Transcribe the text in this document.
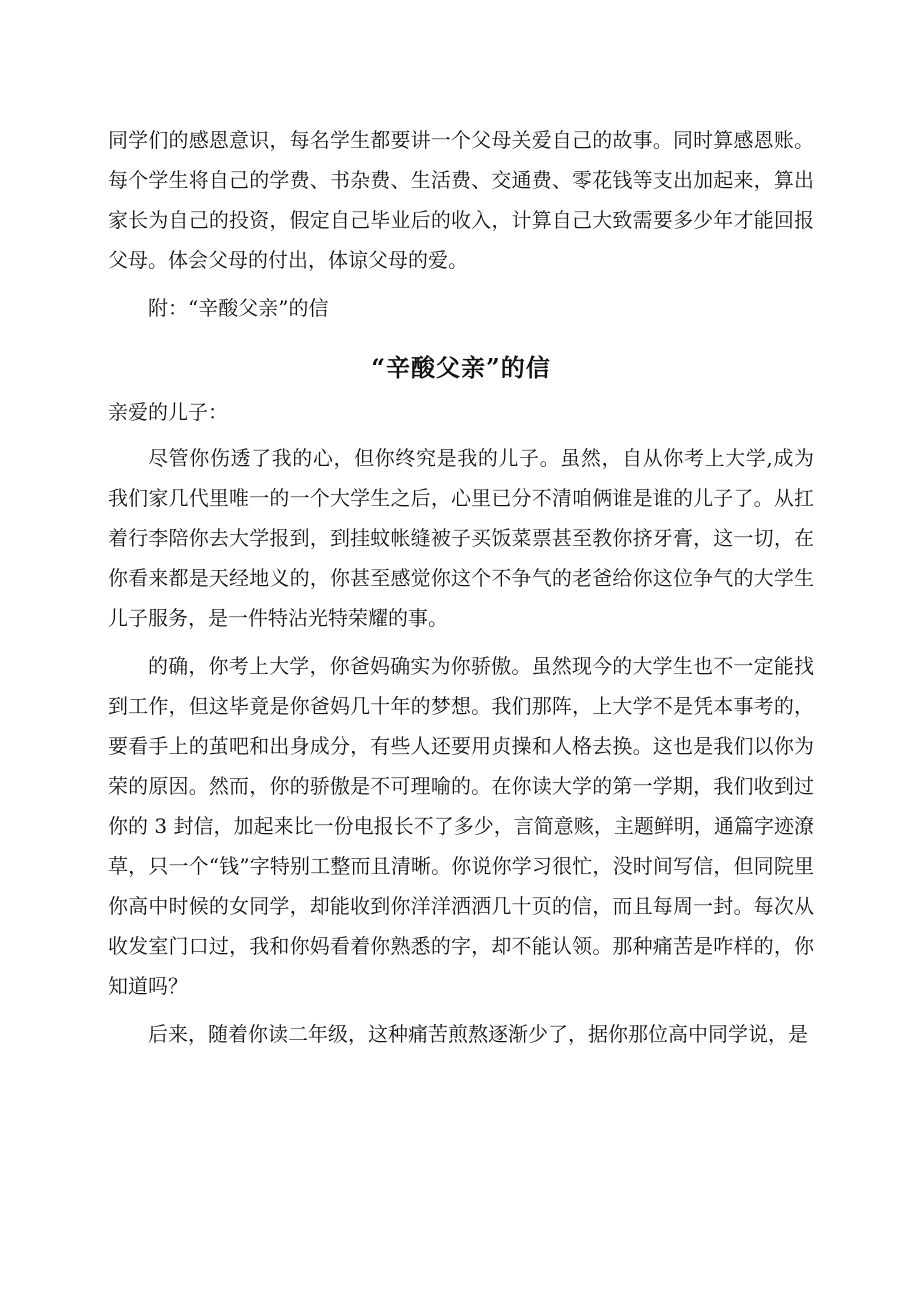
同学们的感恩意识，每名学生都要讲一个父母关爱自己的故事。同时算感恩账。每个学生将自己的学费、书杂费、生活费、交通费、零花钱等支出加起来，算出家长为自己的投资，假定自己毕业后的收入，计算自己大致需要多少年才能回报父母。体会父母的付出，体谅父母的爱。

附：“辛酸父亲”的信

“辛酸父亲”的信

亲爱的儿子：

尽管你伤透了我的心，但你终究是我的儿子。虽然，自从你考上大学,成为我们家几代里唯一的一个大学生之后，心里已分不清咱俩谁是谁的儿子了。从扛着行李陪你去大学报到，到挂蚊帐缝被子买饭菜票甚至教你挤牙膏，这一切，在你看来都是天经地义的，你甚至感觉你这个不争气的老爸给你这位争气的大学生儿子服务，是一件特沾光特荣耀的事。

的确，你考上大学，你爸妈确实为你骄傲。虽然现今的大学生也不一定能找到工作，但这毕竟是你爸妈几十年的梦想。我们那阵，上大学不是凭本事考的，要看手上的茧吧和出身成分，有些人还要用贞操和人格去换。这也是我们以你为荣的原因。然而，你的骄傲是不可理喻的。在你读大学的第一学期，我们收到过你的 3 封信，加起来比一份电报长不了多少，言简意赅，主题鲜明，通篇字迹潦草，只一个“钱”字特别工整而且清晰。你说你学习很忙，没时间写信，但同院里你高中时候的女同学，却能收到你洋洋洒洒几十页的信，而且每周一封。每次从收发室门口过，我和你妈看着你熟悉的字，却不能认领。那种痛苦是咋样的，你知道吗？

后来，随着你读二年级，这种痛苦煎熬逐渐少了，据你那位高中同学说，是
